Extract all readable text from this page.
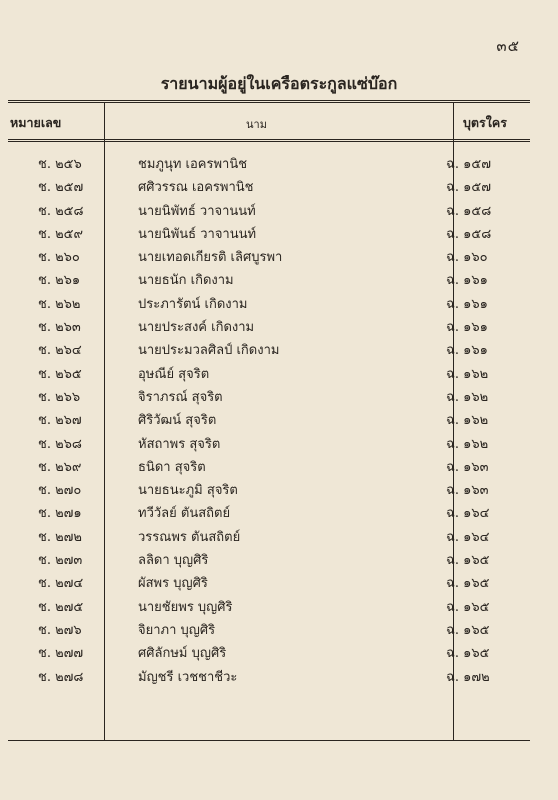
๓๕
รายนามผู้อยู่ในเครือตระกูลแซ่บ๊อก
หมายเลข	นาม	บุตรใคร
ช. ๒๕๖	ชมภูนุท เอครพานิช	ฉ. ๑๕๗
ช. ๒๕๗	ศศิวรรณ เอครพานิช	ฉ. ๑๕๗
ช. ๒๕๘	นายนิพัทธ์ วาจานนท์	ฉ. ๑๕๘
ช. ๒๕๙	นายนิพันธ์ วาจานนท์	ฉ. ๑๕๘
ช. ๒๖๐	นายเทอดเกียรติ เลิศบูรพา	ฉ. ๑๖๐
ช. ๒๖๑	นายธนัก เกิดงาม	ฉ. ๑๖๑
ช. ๒๖๒	ประภารัตน์ เกิดงาม	ฉ. ๑๖๑
ช. ๒๖๓	นายประสงค์ เกิดงาม	ฉ. ๑๖๑
ช. ๒๖๔	นายประมวลศิลป์ เกิดงาม	ฉ. ๑๖๑
ช. ๒๖๕	อุษณีย์ สุจริต	ฉ. ๑๖๒
ช. ๒๖๖	จิราภรณ์ สุจริต	ฉ. ๑๖๒
ช. ๒๖๗	ศิริวัฒน์ สุจริต	ฉ. ๑๖๒
ช. ๒๖๘	หัสถาพร สุจริต	ฉ. ๑๖๒
ช. ๒๖๙	ธนิดา สุจริต	ฉ. ๑๖๓
ช. ๒๗๐	นายธนะภูมิ สุจริต	ฉ. ๑๖๓
ช. ๒๗๑	ทวีวัลย์ ตันสถิตย์	ฉ. ๑๖๔
ช. ๒๗๒	วรรณพร ตันสถิตย์	ฉ. ๑๖๔
ช. ๒๗๓	ลลิดา บุญศิริ	ฉ. ๑๖๕
ช. ๒๗๔	ผัสพร บุญศิริ	ฉ. ๑๖๕
ช. ๒๗๕	นายชัยพร บุญศิริ	ฉ. ๑๖๕
ช. ๒๗๖	จิยาภา บุญศิริ	ฉ. ๑๖๕
ช. ๒๗๗	ศศิลักษม์ บุญศิริ	ฉ. ๑๖๕
ช. ๒๗๘	มัญชรี เวชชาชีวะ	ฉ. ๑๗๒
